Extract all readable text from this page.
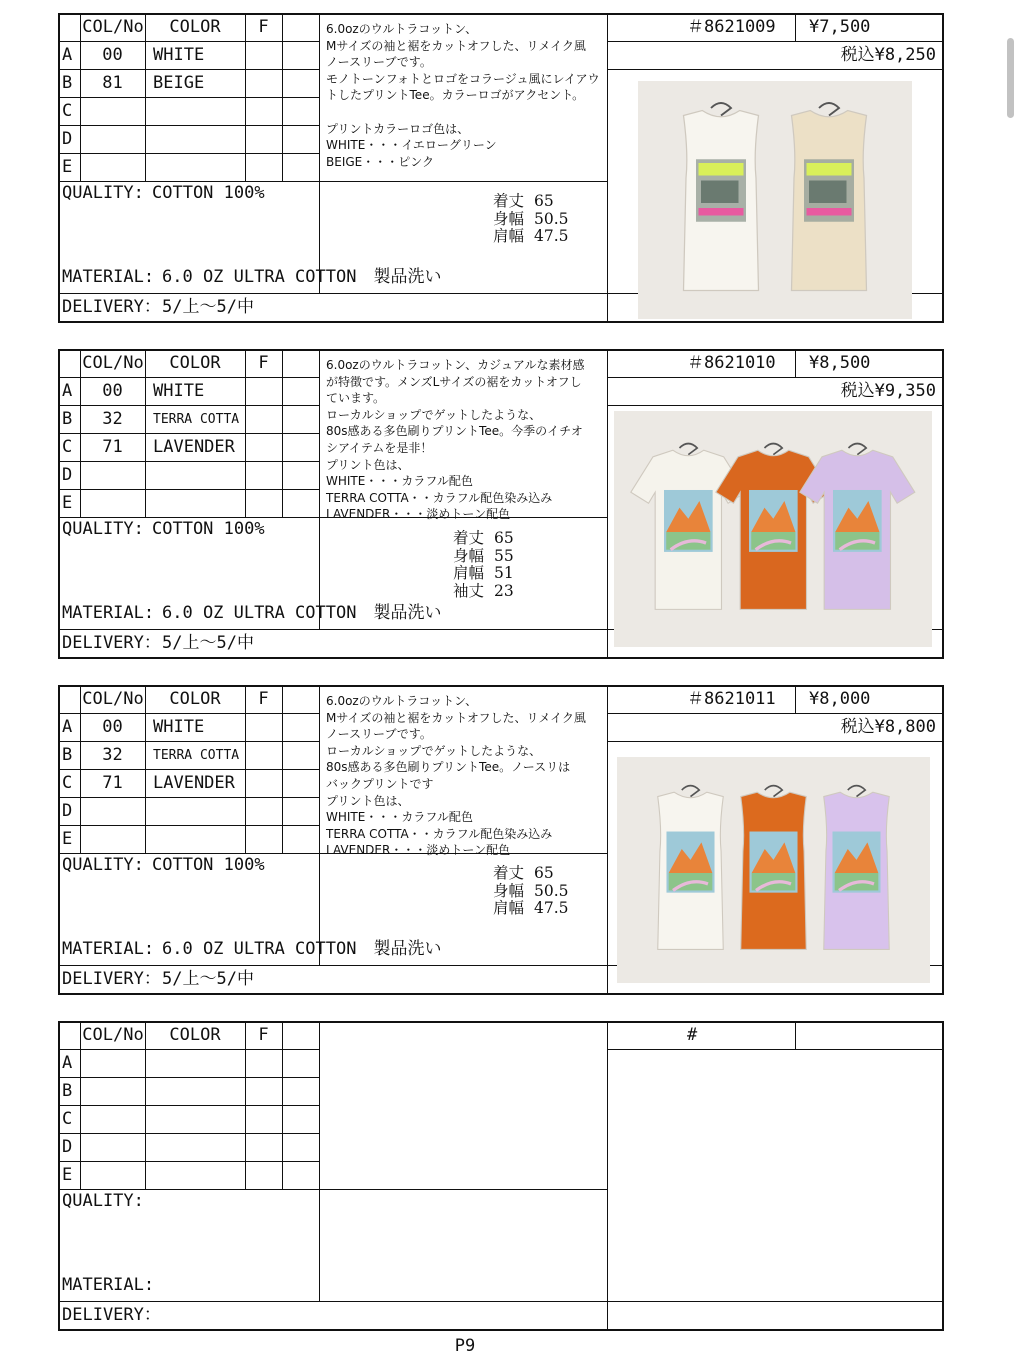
COL/No	COLOR	F
A	00	WHITE
B	81	BEIGE
C
D
E
6.0ozのウルトラコットン、
Mサイズの袖と裾をカットオフした、リメイク風
ノースリーブです。
モノトーンフォトとロゴをコラージュ風にレイアウ
トしたプリントTee。カラーロゴがアクセント。

プリントカラーロゴ色は、
WHITE・・・イエローグリーン
BEIGE・・・ピンク
QUALITY: COTTON 100%	着丈 65
身幅 50.5
肩幅 47.5
MATERIAL: 6.0 OZ ULTRA COTTON　製品洗い
DELIVERY： 5/上～5/中
＃8621009 ¥7,500
税込¥8,250
COL/No	COLOR	F
A	00	WHITE
B	32	TERRA COTTA
C	71	LAVENDER
D
E
6.0ozのウルトラコットン、カジュアルな素材感
が特徴です。メンズLサイズの裾をカットオフし
ています。
ローカルショップでゲットしたような、
80s感ある多色刷りプリントTee。今季のイチオ
シアイテムを是非！
プリント色は、
WHITE・・・カラフル配色
TERRA COTTA・・カラフル配色染み込み
LAVENDER・・・淡めトーン配色
QUALITY: COTTON 100%	着丈 65
身幅 55
肩幅 51
袖丈 23
MATERIAL: 6.0 OZ ULTRA COTTON　製品洗い
DELIVERY： 5/上～5/中
＃8621010 ¥8,500
税込¥9,350
COL/No	COLOR	F
A	00	WHITE
B	32	TERRA COTTA
C	71	LAVENDER
D
E
6.0ozのウルトラコットン、
Mサイズの袖と裾をカットオフした、リメイク風
ノースリーブです。
ローカルショップでゲットしたような、
80s感ある多色刷りプリントTee。ノースリは
バックプリントです
プリント色は、
WHITE・・・カラフル配色
TERRA COTTA・・カラフル配色染み込み
LAVENDER・・・淡めトーン配色
QUALITY: COTTON 100%	着丈 65
身幅 50.5
肩幅 47.5
MATERIAL: 6.0 OZ ULTRA COTTON　製品洗い
DELIVERY： 5/上～5/中
＃8621011 ¥8,000
税込¥8,800
COL/No	COLOR	F
A
B
C
D
E
QUALITY:
MATERIAL:
DELIVERY：
#
P9
